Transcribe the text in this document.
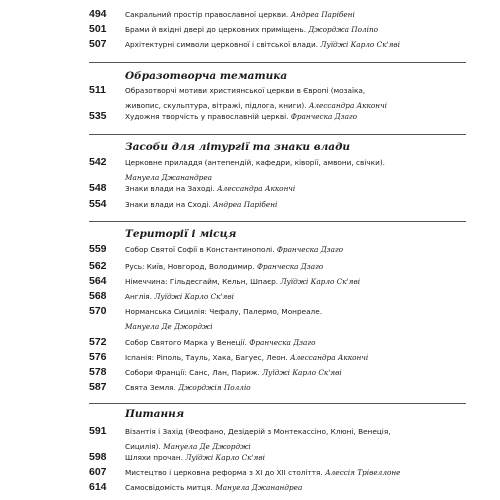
494	Сакральний простір православної церкви. Андреа Парібені
501	Брами й вхідні двері до церковних приміщень. Джорджа Поліпо
507	Архітектурні символи церковної і світської влади. Луїджі Карло Ск'яві
Образотворча тематика
511	Образотворчі мотиви християнської церкви в Європі (мозаїка,
живопис, скульптура, вітражі, підлога, книги). Алессандра Аккончі
535	Художня творчість у православній церкві. Франческа Дзаго
Засоби для літургії та знаки влади
542	Церковне приладдя (антепендій, кафедри, ківорії, амвони, свічки).
Мануела Джанандреа
548	Знаки влади на Заході. Алессандра Аккончі
554	Знаки влади на Сході. Андреа Парібені
Території і місця
559	Собор Святої Софії в Константинополі. Франческа Дзаго
562	Русь: Київ, Новгород, Володимир. Франческа Дзаго
564	Німеччина: Гільдесгайм, Кельн, Шпаєр. Луїджі Карло Ск'яві
568	Англія. Луїджі Карло Ск'яві
570	Норманська Сицилія: Чефалу, Палермо, Монреале.
Мануела Де Джорджі
572	Собор Святого Марка у Венеції. Франческа Дзаго
576	Іспанія: Ріполь, Тауль, Хака, Багуес, Леон. Алессандра Аккончі
578	Собори Франції: Санс, Лан, Париж. Луїджі Карло Ск'яві
587	Свята Земля. Джорджія Полліо
Питання
591	Візантія і Захід (Феофано, Дезідерій з Монтекассіно, Клюні, Венеція,
Сицилія). Мануела Де Джорджі
598	Шляхи прочан. Луїджі Карло Ск'яві
607	Мистецтво і церковна реформа з XI до XII століття. Алессія Трівеллоне
614	Самосвідомість митця. Мануела Джанандреа
